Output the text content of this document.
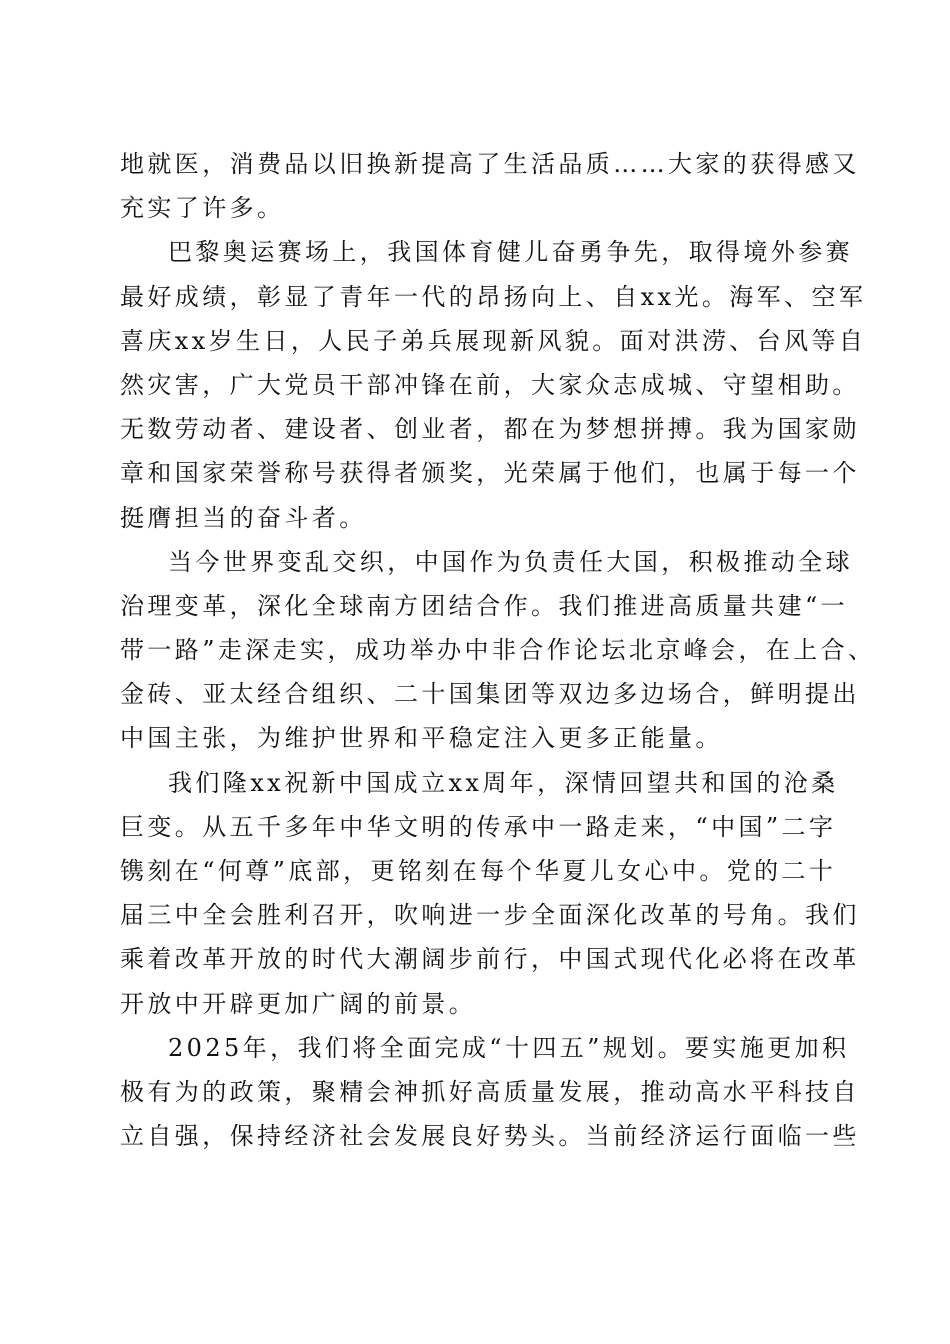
地就医，消费品以旧换新提高了生活品质……大家的获得感又
充实了许多。
巴黎奥运赛场上，我国体育健儿奋勇争先，取得境外参赛
最好成绩，彰显了青年一代的昂扬向上、自xx光。海军、空军
喜庆xx岁生日，人民子弟兵展现新风貌。面对洪涝、台风等自
然灾害，广大党员干部冲锋在前，大家众志成城、守望相助。
无数劳动者、建设者、创业者，都在为梦想拼搏。我为国家勋
章和国家荣誉称号获得者颁奖，光荣属于他们，也属于每一个
挺膺担当的奋斗者。
当今世界变乱交织，中国作为负责任大国，积极推动全球
治理变革，深化全球南方团结合作。我们推进高质量共建“一
带一路”走深走实，成功举办中非合作论坛北京峰会，在上合、
金砖、亚太经合组织、二十国集团等双边多边场合，鲜明提出
中国主张，为维护世界和平稳定注入更多正能量。
我们隆xx祝新中国成立xx周年，深情回望共和国的沧桑
巨变。从五千多年中华文明的传承中一路走来，“中国”二字
镌刻在“何尊”底部，更铭刻在每个华夏儿女心中。党的二十
届三中全会胜利召开，吹响进一步全面深化改革的号角。我们
乘着改革开放的时代大潮阔步前行，中国式现代化必将在改革
开放中开辟更加广阔的前景。
2025年，我们将全面完成“十四五”规划。要实施更加积
极有为的政策，聚精会神抓好高质量发展，推动高水平科技自
立自强，保持经济社会发展良好势头。当前经济运行面临一些
